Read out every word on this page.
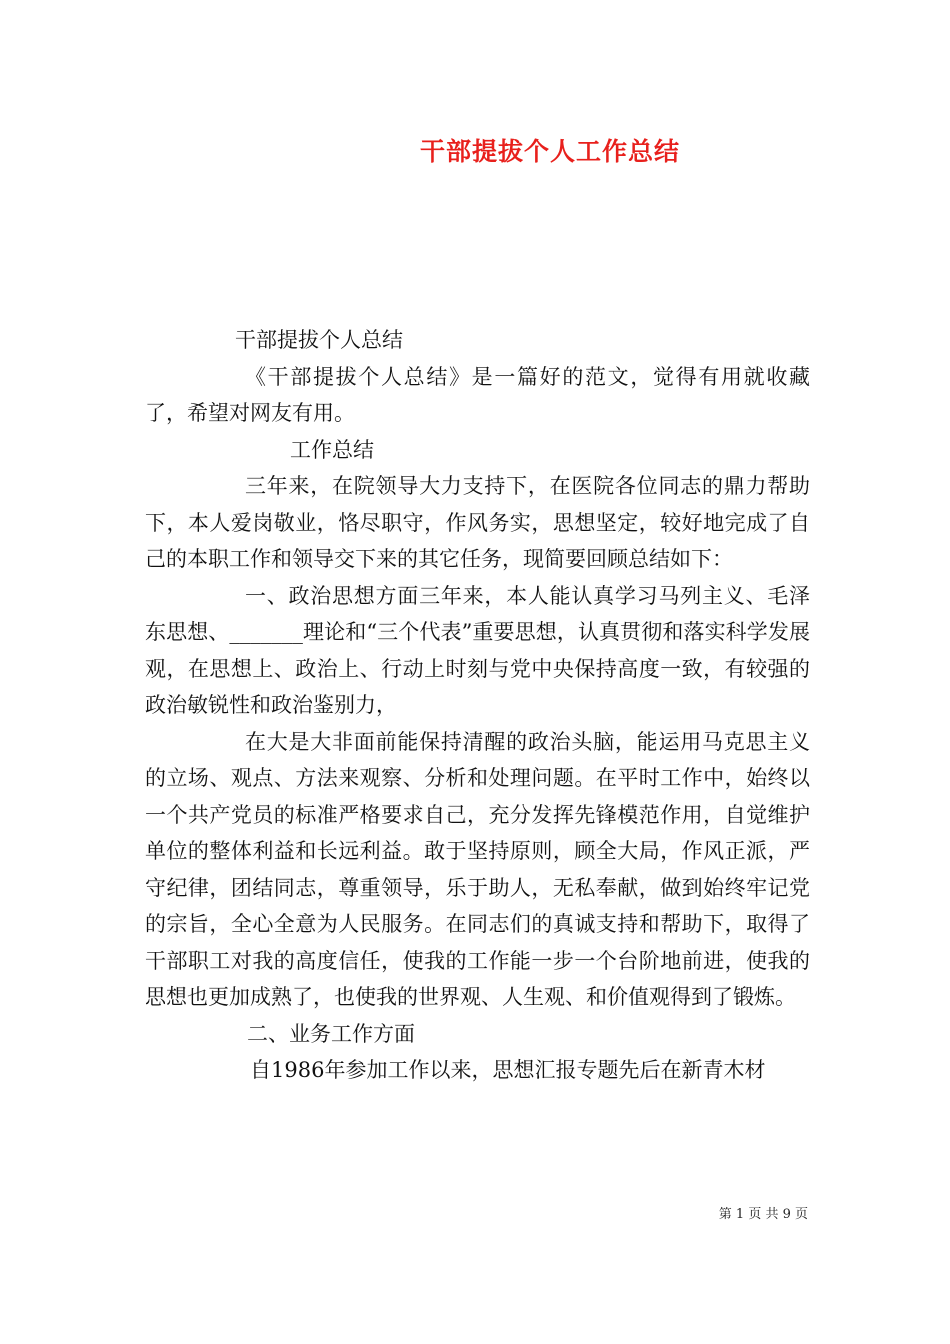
干部提拔个人工作总结

干部提拔个人总结

《干部提拔个人总结》是一篇好的范文，觉得有用就收藏了，希望对网友有用。

工作总结

三年来，在院领导大力支持下，在医院各位同志的鼎力帮助下，本人爱岗敬业，恪尽职守，作风务实，思想坚定，较好地完成了自己的本职工作和领导交下来的其它任务，现简要回顾总结如下：

一、政治思想方面三年来，本人能认真学习马列主义、毛泽东思想、_______理论和“三个代表”重要思想，认真贯彻和落实科学发展观，在思想上、政治上、行动上时刻与党中央保持高度一致，有较强的政治敏锐性和政治鉴别力，

在大是大非面前能保持清醒的政治头脑，能运用马克思主义的立场、观点、方法来观察、分析和处理问题。在平时工作中，始终以一个共产党员的标准严格要求自己，充分发挥先锋模范作用，自觉维护单位的整体利益和长远利益。敢于坚持原则，顾全大局，作风正派，严守纪律，团结同志，尊重领导，乐于助人，无私奉献，做到始终牢记党的宗旨，全心全意为人民服务。在同志们的真诚支持和帮助下，取得了干部职工对我的高度信任，使我的工作能一步一个台阶地前进，使我的思想也更加成熟了，也使我的世界观、人生观、和价值观得到了锻炼。

二、业务工作方面

自1986年参加工作以来，思想汇报专题先后在新青木材

第 1 页 共 9 页
